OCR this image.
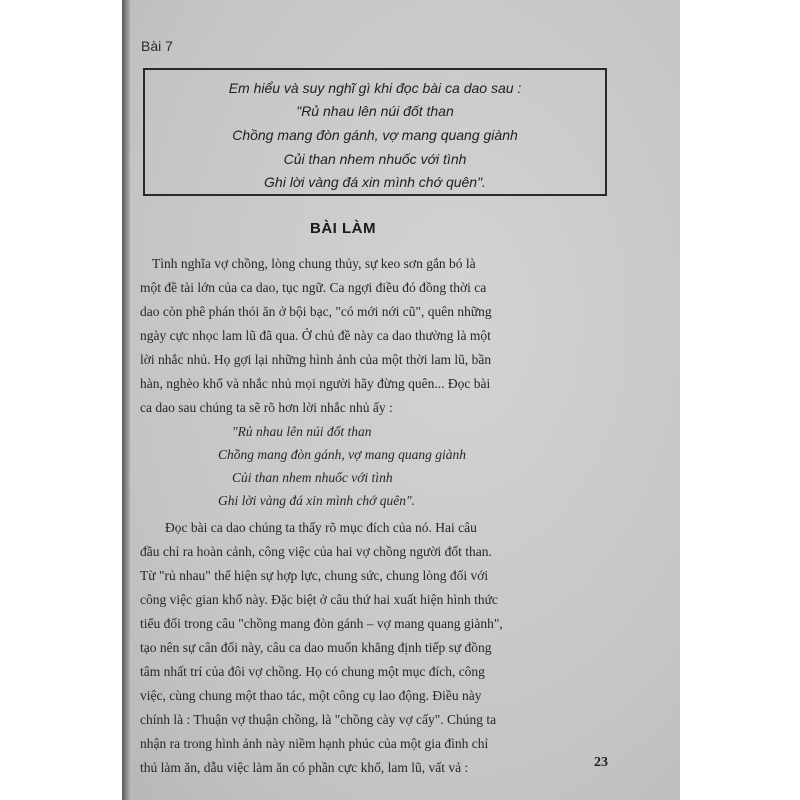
Bài 7
Em hiểu và suy nghĩ gì khi đọc bài ca dao sau :
"Rủ nhau lên núi đốt than
Chồng mang đòn gánh, vợ mang quang giành
Củi than nhem nhuốc với tình
Ghi lời vàng đá xin mình chớ quên".
BÀI LÀM
Tình nghĩa vợ chồng, lòng chung thủy, sự keo sơn gắn bó là
một đề tài lớn của ca dao, tục ngữ. Ca ngợi điều đó đồng thời ca
dao còn phê phán thói ăn ở bội bạc, "có mới nới cũ", quên những
ngày cực nhọc lam lũ đã qua. Ở chủ đề này ca dao thường là một
lời nhắc nhủ. Họ gợi lại những hình ảnh của một thời lam lũ, bần
hàn, nghèo khổ và nhắc nhủ mọi người hãy đừng quên... Đọc bài
ca dao sau chúng ta sẽ rõ hơn lời nhắc nhủ ấy :
"Rủ nhau lên núi đốt than
Chồng mang đòn gánh, vợ mang quang giành
Củi than nhem nhuốc với tình
Ghi lời vàng đá xin mình chớ quên".
Đọc bài ca dao chúng ta thấy rõ mục đích của nó. Hai câu
đầu chỉ ra hoàn cảnh, công việc của hai vợ chồng người đốt than.
Từ "rủ nhau" thể hiện sự hợp lực, chung sức, chung lòng đối với
công việc gian khổ này. Đặc biệt ở câu thứ hai xuất hiện hình thức
tiểu đối trong câu "chồng mang đòn gánh – vợ mang quang giành",
tạo nên sự cân đối này, câu ca dao muốn khẳng định tiếp sự đồng
tâm nhất trí của đôi vợ chồng. Họ có chung một mục đích, công
việc, cùng chung một thao tác, một công cụ lao động. Điều này
chính là : Thuận vợ thuận chồng, là "chồng cày vợ cấy". Chúng ta
nhận ra trong hình ảnh này niềm hạnh phúc của một gia đình chỉ
thú làm ăn, dẫu việc làm ăn có phần cực khổ, lam lũ, vất vả :	23
